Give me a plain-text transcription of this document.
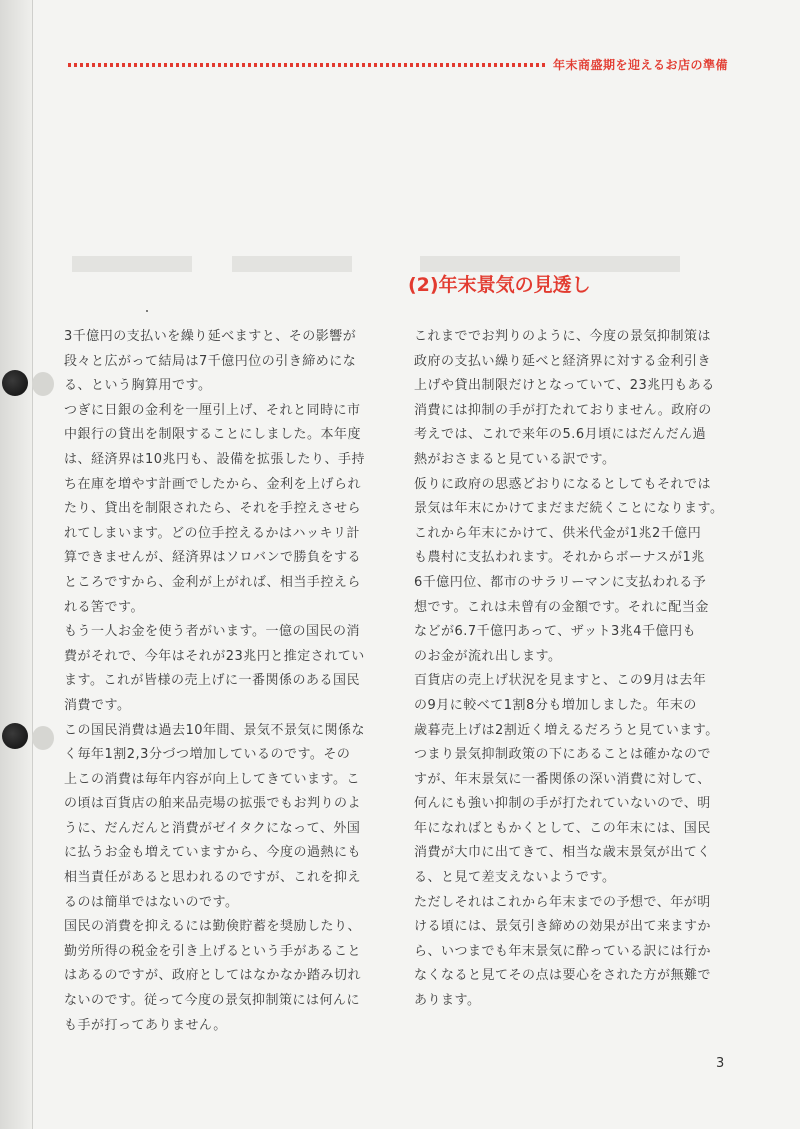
年末商盛期を迎えるお店の準備
(2)年末景気の見透し

3千億円の支払いを繰り延べますと、その影響が

段々と広がって結局は7千億円位の引き締めにな

る、という胸算用です。

つぎに日銀の金利を一厘引上げ、それと同時に市

中銀行の貸出を制限することにしました。本年度

は、経済界は10兆円も、設備を拡張したり、手持

ち在庫を増やす計画でしたから、金利を上げられ

たり、貸出を制限されたら、それを手控えさせら

れてしまいます。どの位手控えるかはハッキリ計

算できませんが、経済界はソロバンで勝負をする

ところですから、金利が上がれば、相当手控えら

れる筈です。

もう一人お金を使う者がいます。一億の国民の消

費がそれで、今年はそれが23兆円と推定されてい

ます。これが皆様の売上げに一番関係のある国民

消費です。

この国民消費は過去10年間、景気不景気に関係な

く毎年1割2,3分づつ増加しているのです。その

上この消費は毎年内容が向上してきています。こ

の頃は百貨店の舶来品売場の拡張でもお判りのよ

うに、だんだんと消費がゼイタクになって、外国

に払うお金も増えていますから、今度の過熱にも

相当責任があると思われるのですが、これを抑え

るのは簡単ではないのです。

国民の消費を抑えるには勤倹貯蓄を奨励したり、

勤労所得の税金を引き上げるという手があること

はあるのですが、政府としてはなかなか踏み切れ

ないのです。従って今度の景気抑制策には何んに

も手が打ってありません。

これまででお判りのように、今度の景気抑制策は

政府の支払い繰り延べと経済界に対する金利引き

上げや貸出制限だけとなっていて、23兆円もある

消費には抑制の手が打たれておりません。政府の

考えでは、これで来年の5.6月頃にはだんだん過

熱がおさまると見ている訳です。

仮りに政府の思惑どおりになるとしてもそれでは

景気は年末にかけてまだまだ続くことになります。

これから年末にかけて、供米代金が1兆2千億円

も農村に支払われます。それからボーナスが1兆

6千億円位、都市のサラリーマンに支払われる予

想です。これは未曾有の金額です。それに配当金

などが6.7千億円あって、ザット3兆4千億円も

のお金が流れ出します。

百貨店の売上げ状況を見ますと、この9月は去年

の9月に較べて1割8分も増加しました。年末の

歳暮売上げは2割近く増えるだろうと見ています。

つまり景気抑制政策の下にあることは確かなので

すが、年末景気に一番関係の深い消費に対して、

何んにも強い抑制の手が打たれていないので、明

年になればともかくとして、この年末には、国民

消費が大巾に出てきて、相当な歳末景気が出てく

る、と見て差支えないようです。

ただしそれはこれから年末までの予想で、年が明

ける頃には、景気引き締めの効果が出て来ますか

ら、いつまでも年末景気に酔っている訳には行か

なくなると見てその点は要心をされた方が無難で

あります。

3
